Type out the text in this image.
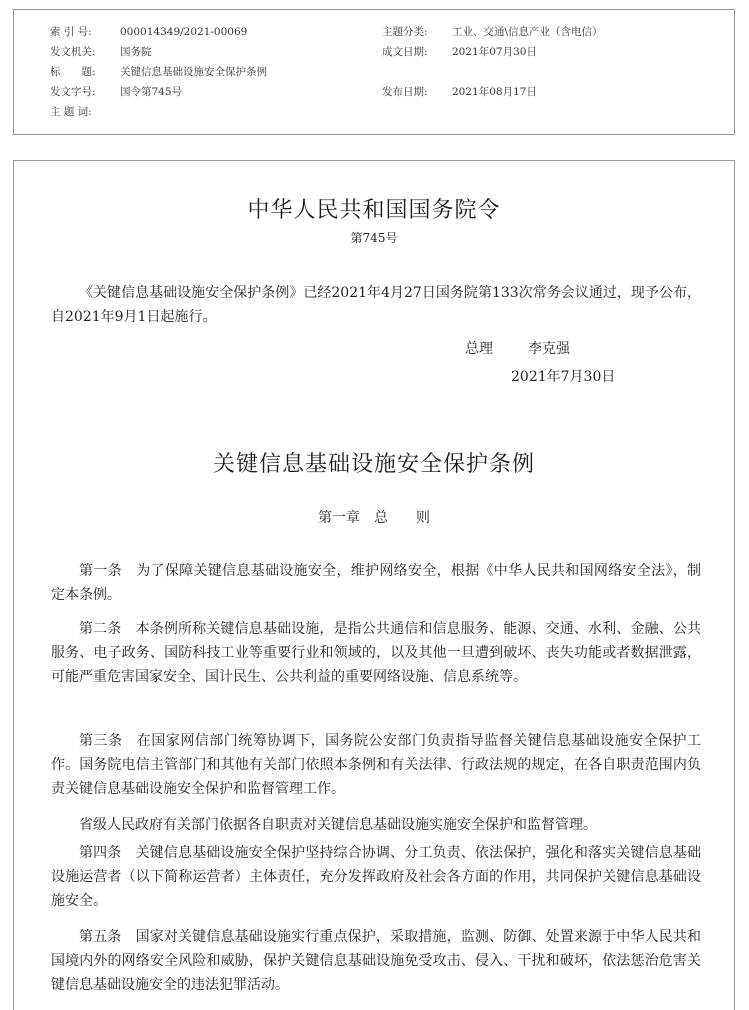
索 引 号:	000014349/2021-00069	主题分类:	工业、交通\信息产业（含电信）
发文机关:	国务院	成文日期:	2021年07月30日
标　　题:	关键信息基础设施安全保护条例
发文字号:	国令第745号	发布日期:	2021年08月17日
主 题 词:
中华人民共和国国务院令
第745号
《关键信息基础设施安全保护条例》已经2021年4月27日国务院第133次常务会议通过，现予公布，自2021年9月1日起施行。
总理	李克强
2021年7月30日
关键信息基础设施安全保护条例
第一章　总　　则
第一条　 为了保障关键信息基础设施安全，维护网络安全，根据《中华人民共和国网络安全法》，制定本条例。
第二条　 本条例所称关键信息基础设施，是指公共通信和信息服务、能源、交通、水利、金融、公共服务、电子政务、国防科技工业等重要行业和领域的，以及其他一旦遭到破坏、丧失功能或者数据泄露，可能严重危害国家安全、国计民生、公共利益的重要网络设施、信息系统等。
第三条　 在国家网信部门统筹协调下，国务院公安部门负责指导监督关键信息基础设施安全保护工作。国务院电信主管部门和其他有关部门依照本条例和有关法律、行政法规的规定，在各自职责范围内负责关键信息基础设施安全保护和监督管理工作。
省级人民政府有关部门依据各自职责对关键信息基础设施实施安全保护和监督管理。
第四条　 关键信息基础设施安全保护坚持综合协调、分工负责、依法保护，强化和落实关键信息基础设施运营者（以下简称运营者）主体责任，充分发挥政府及社会各方面的作用，共同保护关键信息基础设施安全。
第五条　 国家对关键信息基础设施实行重点保护，采取措施，监测、防御、处置来源于中华人民共和国境内外的网络安全风险和威胁，保护关键信息基础设施免受攻击、侵入、干扰和破坏，依法惩治危害关键信息基础设施安全的违法犯罪活动。
